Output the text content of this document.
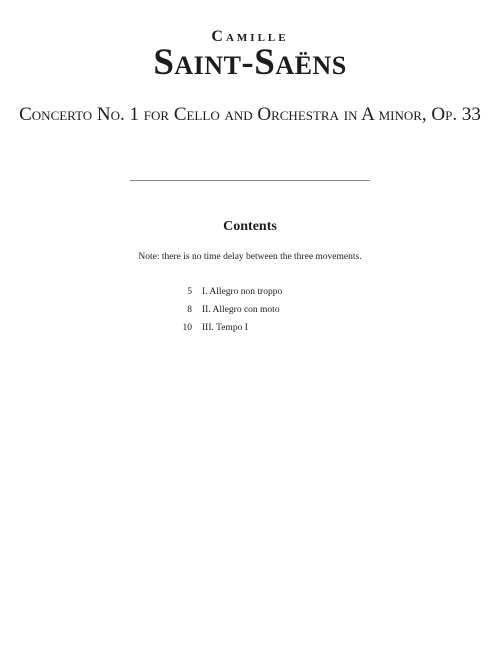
Camille
Saint-Saëns
Concerto No. 1 for Cello and Orchestra in A minor, Op. 33
Contents
Note: there is no time delay between the three movements.
5	I. Allegro non troppo
8	II. Allegro con moto
10	III. Tempo I
